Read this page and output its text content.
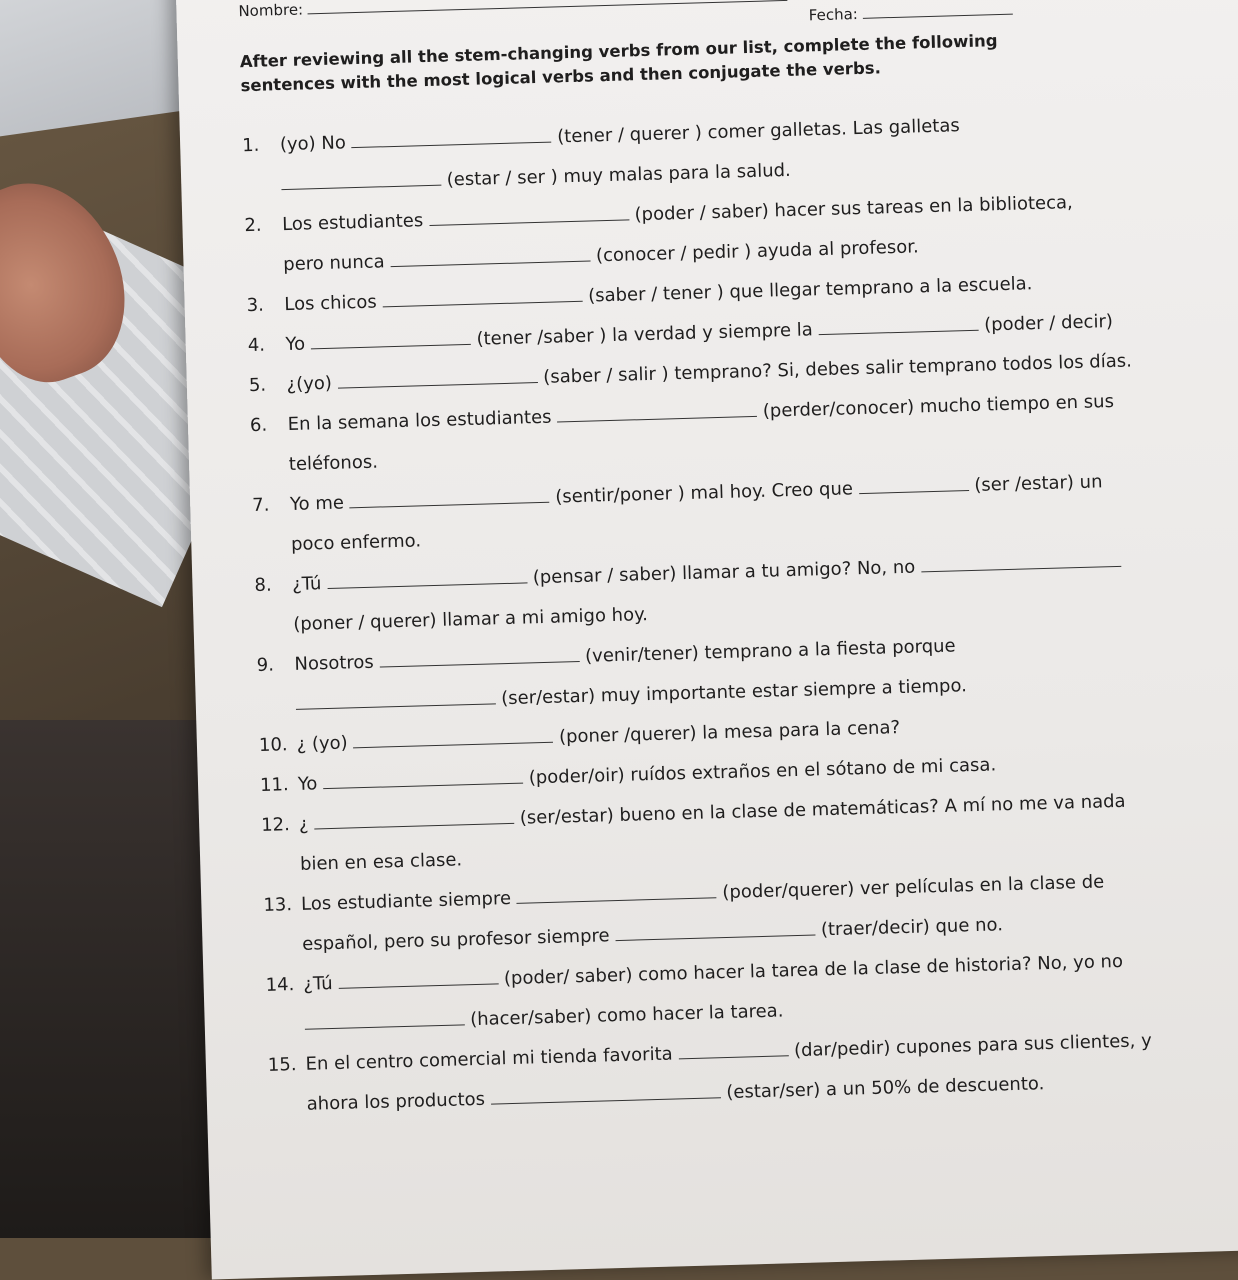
Nombre:	Fecha:
After reviewing all the stem-changing verbs from our list, complete the following sentences with the most logical verbs and then conjugate the verbs.
1. (yo) No	(tener / querer ) comer galletas. Las galletas
(estar / ser ) muy malas para la salud.
2. Los estudiantes	(poder / saber) hacer sus tareas en la biblioteca,
pero nunca	(conocer / pedir ) ayuda al profesor.
3. Los chicos	(saber / tener ) que llegar temprano a la escuela.
4. Yo	(tener /saber ) la verdad y siempre la	(poder / decir)
5. ¿(yo)	(saber / salir ) temprano? Si, debes salir temprano todos los días.
6. En la semana los estudiantes	(perder/conocer) mucho tiempo en sus
teléfonos.
7. Yo me	(sentir/poner ) mal hoy. Creo que	(ser /estar) un
poco enfermo.
8. ¿Tú	(pensar / saber) llamar a tu amigo? No, no
(poner / querer) llamar a mi amigo hoy.
9. Nosotros	(venir/tener) temprano a la fiesta porque
(ser/estar) muy importante estar siempre a tiempo.
10. ¿ (yo)	(poner /querer) la mesa para la cena?
11. Yo	(poder/oir) ruídos extraños en el sótano de mi casa.
12. ¿	(ser/estar) bueno en la clase de matemáticas? A mí no me va nada
bien en esa clase.
13. Los estudiante siempre	(poder/querer) ver películas en la clase de
español, pero su profesor siempre	(traer/decir) que no.
14. ¿Tú	(poder/ saber) como hacer la tarea de la clase de historia? No, yo no
(hacer/saber) como hacer la tarea.
15. En el centro comercial mi tienda favorita	(dar/pedir) cupones para sus clientes, y
ahora los productos	(estar/ser) a un 50% de descuento.
